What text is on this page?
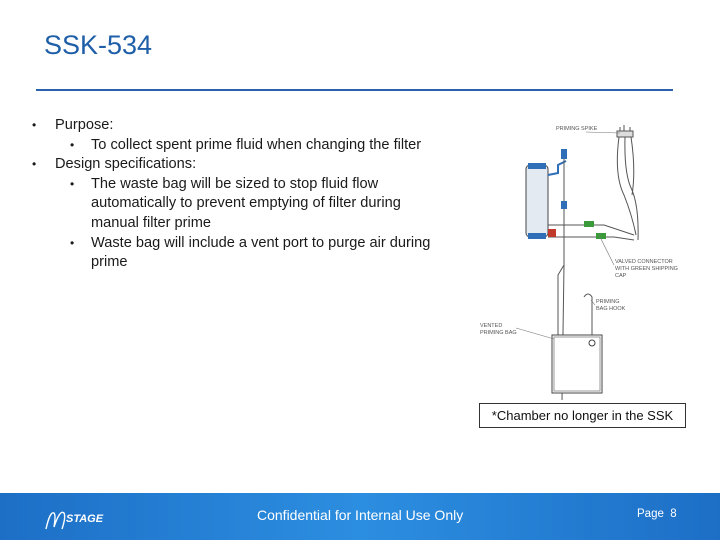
SSK-534
• Purpose:
• To collect spent prime fluid when changing the filter
• Design specifications:
• The waste bag will be sized to stop fluid flow automatically to prevent emptying of filter during manual filter prime
• Waste bag will include a vent port to purge air during prime
PRIMING SPIKE
VALVED CONNECTOR
WITH GREEN SHIPPING
CAP
PRIMING
BAG HOOK
VENTED
PRIMING BAG
*Chamber no longer in the SSK
STAGE	Confidential for Internal Use Only	Page 8
